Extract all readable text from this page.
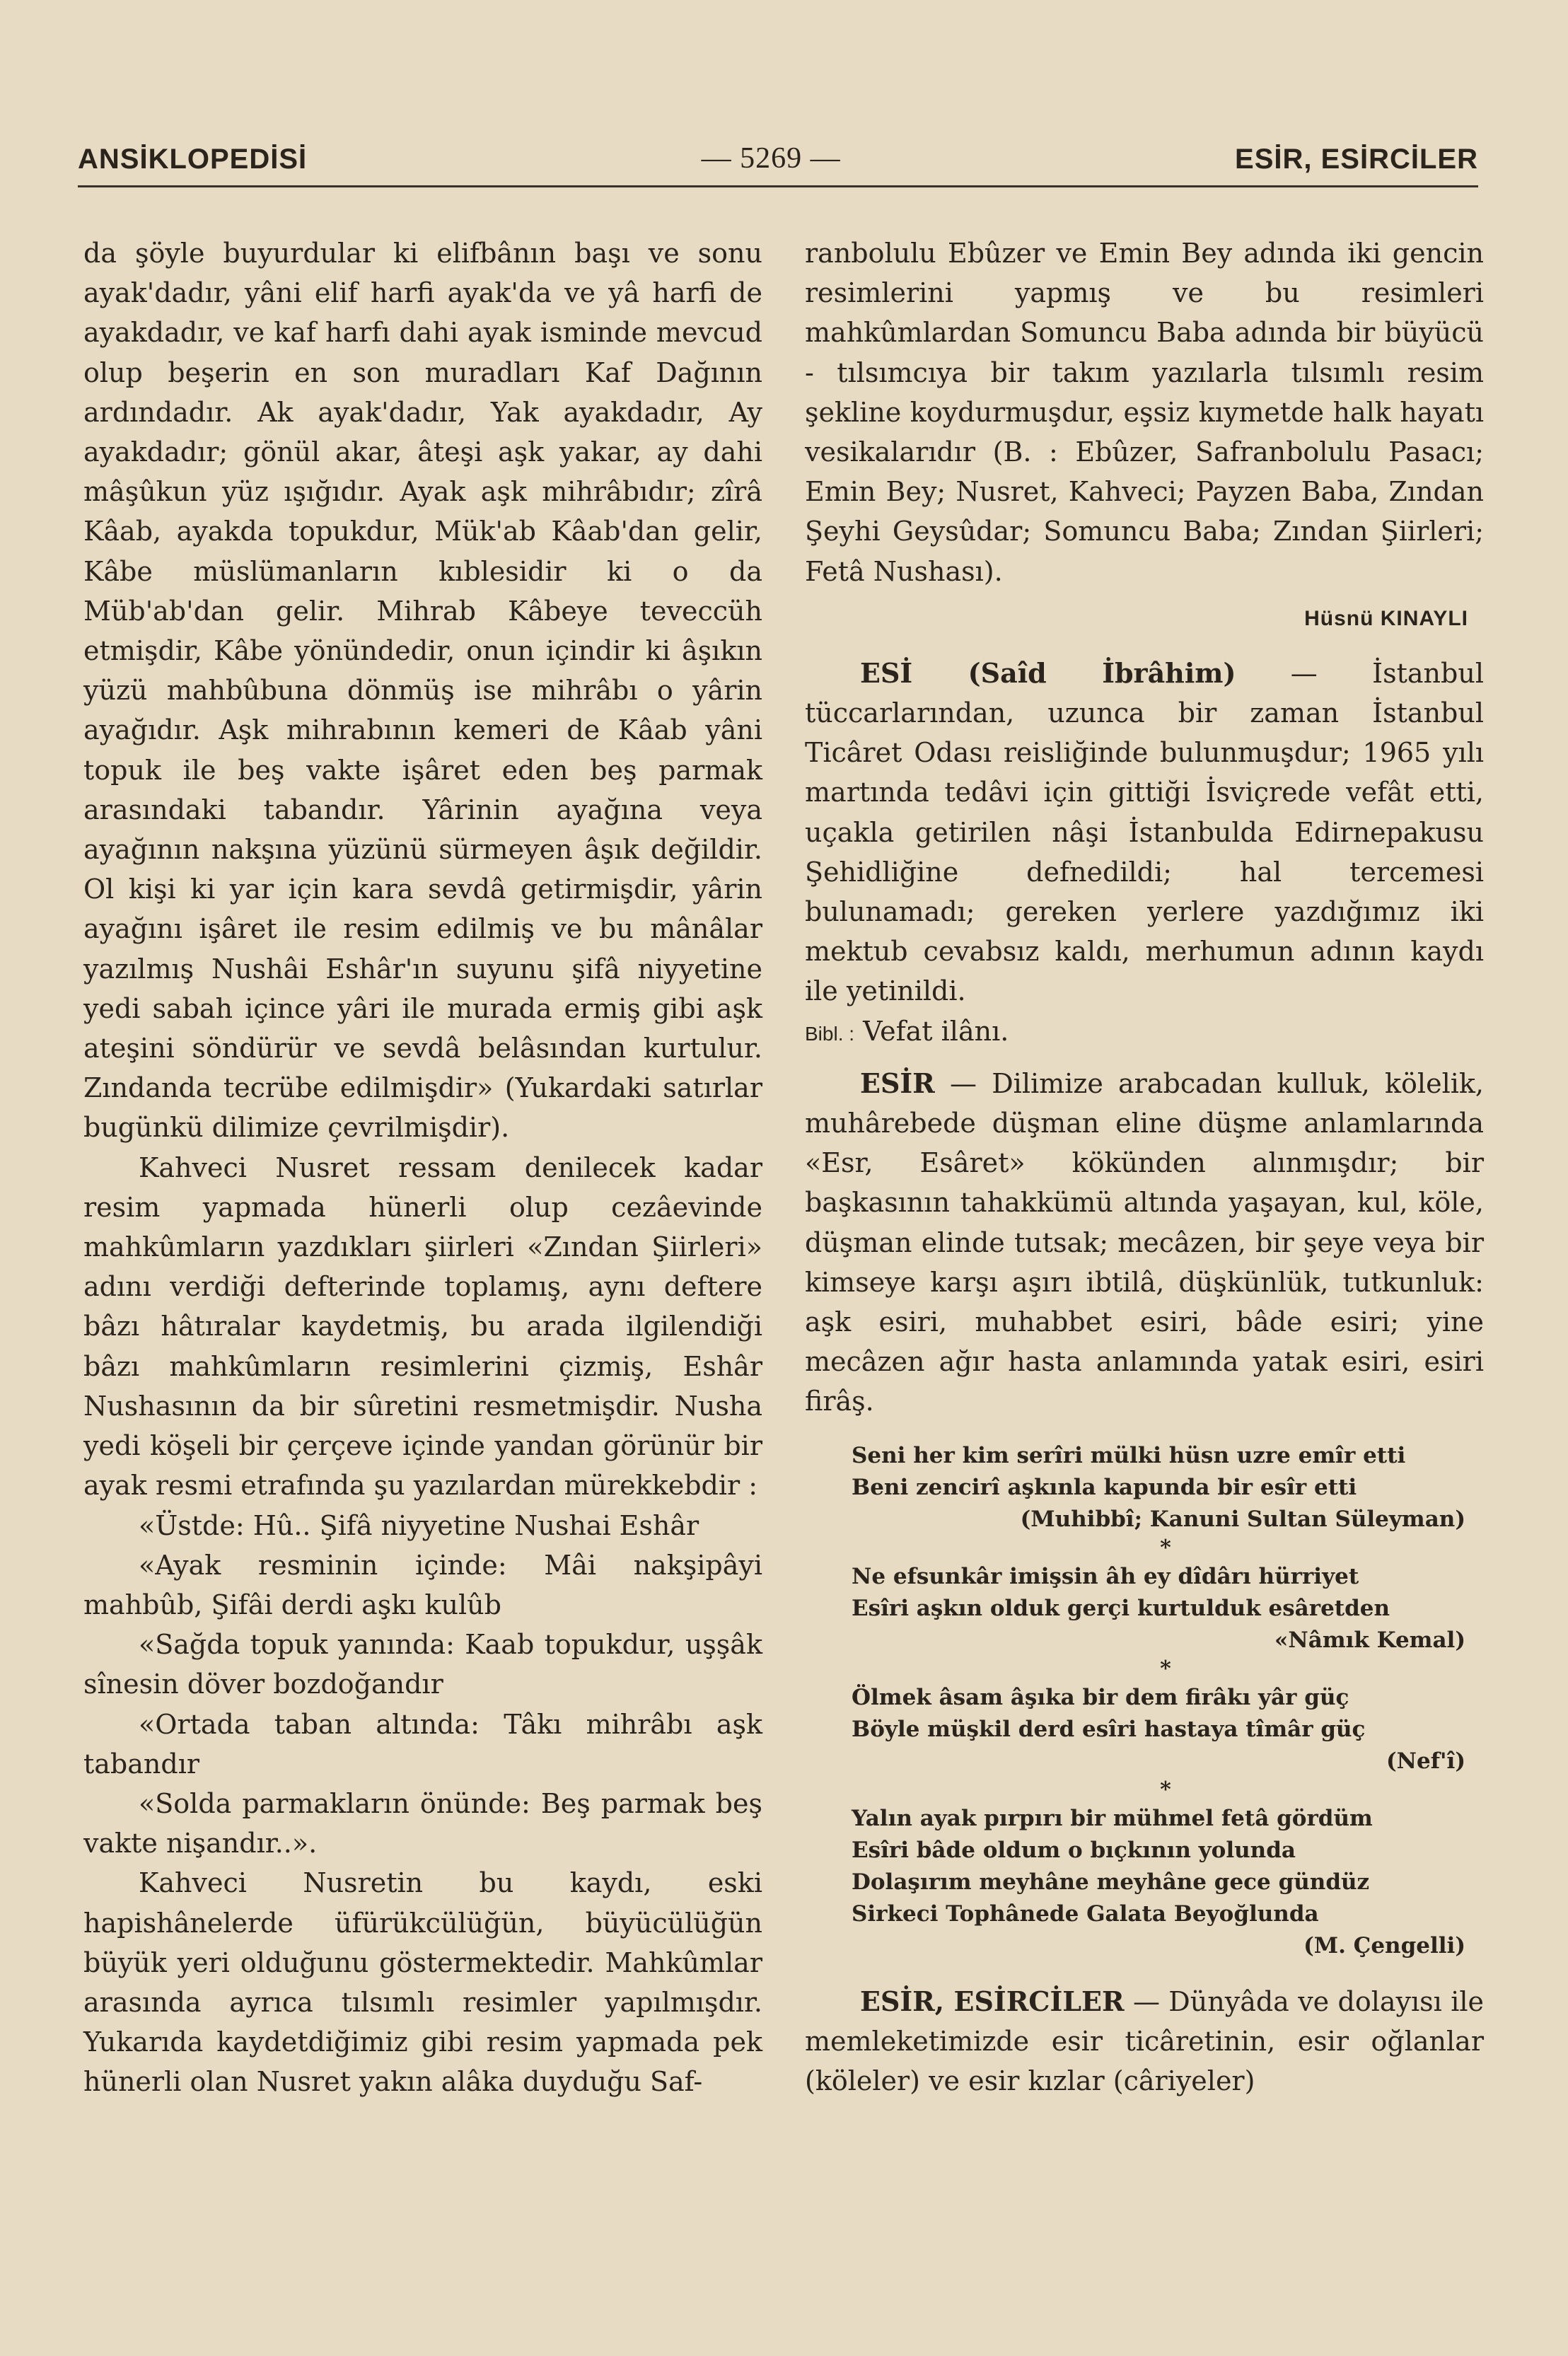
ANSİKLOPEDİSİ	— 5269 —	ESİR, ESİRCİLER

da şöyle buyurdular ki elifbânın başı ve sonu ayak'dadır, yâni elif harfi ayak'da ve yâ harfi de ayakdadır, ve kaf harfı dahi ayak isminde mevcud olup beşerin en son muradları Kaf Dağının ardındadır. Ak ayak'dadır, Yak ayakdadır, Ay ayakdadır; gönül akar, âteşi aşk yakar, ay dahi mâşûkun yüz ışığıdır. Ayak aşk mihrâbıdır; zîrâ Kâab, ayakda topukdur, Mük'ab Kâab'dan gelir, Kâbe müslümanların kıblesidir ki o da Müb'ab'dan gelir. Mihrab Kâbeye teveccüh etmişdir, Kâbe yönündedir, onun içindir ki âşıkın yüzü mahbûbuna dönmüş ise mihrâbı o yârin ayağıdır. Aşk mihrabının kemeri de Kâab yâni topuk ile beş vakte işâret eden beş parmak arasındaki tabandır. Yârinin ayağına veya ayağının nakşına yüzünü sürmeyen âşık değildir. Ol kişi ki yar için kara sevdâ getirmişdir, yârin ayağını işâret ile resim edilmiş ve bu mânâlar yazılmış Nushâi Eshâr'ın suyunu şifâ niyyetine yedi sabah içince yâri ile murada ermiş gibi aşk ateşini söndürür ve sevdâ belâsından kurtulur. Zındanda tecrübe edilmişdir» (Yukardaki satırlar bugünkü dilimize çevrilmişdir).

Kahveci Nusret ressam denilecek kadar resim yapmada hünerli olup cezâevinde mahkûmların yazdıkları şiirleri «Zından Şiirleri» adını verdiği defterinde toplamış, aynı deftere bâzı hâtıralar kaydetmiş, bu arada ilgilendiği bâzı mahkûmların resimlerini çizmiş, Eshâr Nushasının da bir sûretini resmetmişdir. Nusha yedi köşeli bir çerçeve içinde yandan görünür bir ayak resmi etrafında şu yazılardan mürekkebdir :

«Üstde: Hû.. Şifâ niyyetine Nushai Eshâr

«Ayak resminin içinde: Mâi nakşipâyi mahbûb, Şifâi derdi aşkı kulûb

«Sağda topuk yanında: Kaab topukdur, uşşâk sînesin döver bozdoğandır

«Ortada taban altında: Tâkı mihrâbı aşk tabandır

«Solda parmakların önünde: Beş parmak beş vakte nişandır..».

Kahveci Nusretin bu kaydı, eski hapishânelerde üfürükcülüğün, büyücülüğün büyük yeri olduğunu göstermektedir. Mahkûmlar arasında ayrıca tılsımlı resimler yapılmışdır. Yukarıda kaydetdiğimiz gibi resim yapmada pek hünerli olan Nusret yakın alâka duyduğu Saf-

ranbolulu Ebûzer ve Emin Bey adında iki gencin resimlerini yapmış ve bu resimleri mahkûmlardan Somuncu Baba adında bir büyücü - tılsımcıya bir takım yazılarla tılsımlı resim şekline koydurmuşdur, eşsiz kıymetde halk hayatı vesikalarıdır (B. : Ebûzer, Safranbolulu Pasacı; Emin Bey; Nusret, Kahveci; Payzen Baba, Zından Şeyhi Geysûdar; Somuncu Baba; Zından Şiirleri; Fetâ Nushası).

Hüsnü KINAYLI

ESİ (Saîd İbrâhim) — İstanbul tüccarlarından, uzunca bir zaman İstanbul Ticâret Odası reisliğinde bulunmuşdur; 1965 yılı martında tedâvi için gittiği İsviçrede vefât etti, uçakla getirilen nâşi İstanbulda Edirnepakusu Şehidliğine defnedildi; hal tercemesi bulunamadı; gereken yerlere yazdığımız iki mektub cevabsız kaldı, merhumun adının kaydı ile yetinildi.

Bibl. : Vefat ilânı.

ESİR — Dilimize arabcadan kulluk, kölelik, muhârebede düşman eline düşme anlamlarında «Esr, Esâret» kökünden alınmışdır; bir başkasının tahakkümü altında yaşayan, kul, köle, düşman elinde tutsak; mecâzen, bir şeye veya bir kimseye karşı aşırı ibtilâ, düşkünlük, tutkunluk: aşk esiri, muhabbet esiri, bâde esiri; yine mecâzen ağır hasta anlamında yatak esiri, esiri firâş.

Seni her kim serîri mülki hüsn uzre emîr etti
Beni zencirî aşkınla kapunda bir esîr etti
(Muhibbî; Kanuni Sultan Süleyman)
*
Ne efsunkâr imişsin âh ey dîdârı hürriyet
Esîri aşkın olduk gerçi kurtulduk esâretden
«Nâmık Kemal)
*
Ölmek âsam âşıka bir dem firâkı yâr güç
Böyle müşkil derd esîri hastaya tîmâr güç
(Nef'î)
*
Yalın ayak pırpırı bir mühmel fetâ gördüm
Esîri bâde oldum o bıçkının yolunda
Dolaşırım meyhâne meyhâne gece gündüz
Sirkeci Tophânede Galata Beyoğlunda
(M. Çengelli)

ESİR, ESİRCİLER — Dünyâda ve dolayısı ile memleketimizde esir ticâretinin, esir oğlanlar (köleler) ve esir kızlar (câriyeler)
